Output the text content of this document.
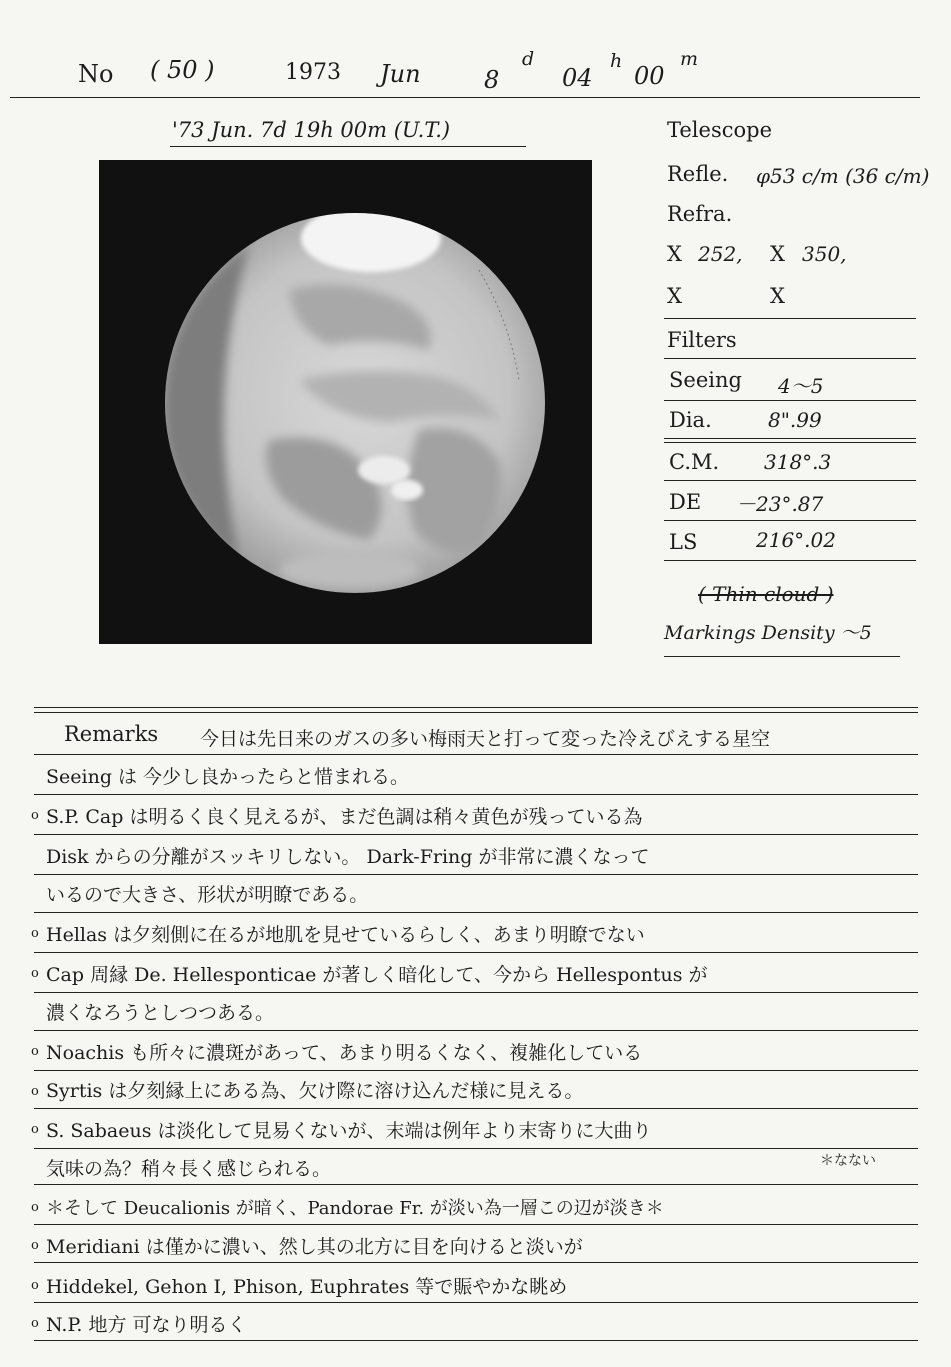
No ( 50 )	1973 Jun	8
d
04
h
00
m
'73 Jun. 7d 19h 00m (U.T.)	Telescope
Refle. φ53 c/m (36 c/m)
Refra.
X 252, X 350,
X	X
Filters
Seeing 4～5
Dia.	8".99
C.M. 318°.3
DE －23°.87
LS	216°.02
( Thin cloud )
Markings Density ～5
Remarks 今日は先日来のガスの多い梅雨天と打って変った冷えびえする星空
Seeing は 今少し良かったらと惜まれる。
o S.P. Cap は明るく良く見えるが、まだ色調は稍々黄色が残っている為
Disk からの分離がスッキリしない。 Dark-Fring が非常に濃くなって
いるので大きさ、形状が明瞭である。
o Hellas は夕刻側に在るが地肌を見せているらしく、あまり明瞭でない
o Cap 周縁 De. Hellesponticae が著しく暗化して、今から Hellespontus が
濃くなろうとしつつある。
o Noachis も所々に濃斑があって、あまり明るくなく、複雑化している
o Syrtis は夕刻縁上にある為、欠け際に溶け込んだ様に見える。
o S. Sabaeus は淡化して見易くないが、末端は例年より末寄りに大曲り
気味の為？稍々長く感じられる。	＊なない
o ＊そして Deucalionis が暗く、Pandorae Fr. が淡い為一層この辺が淡き＊
o Meridiani は僅かに濃い、然し其の北方に目を向けると淡いが
o Hiddekel, Gehon I, Phison, Euphrates 等で賑やかな眺め
o N.P. 地方 可なり明るく
